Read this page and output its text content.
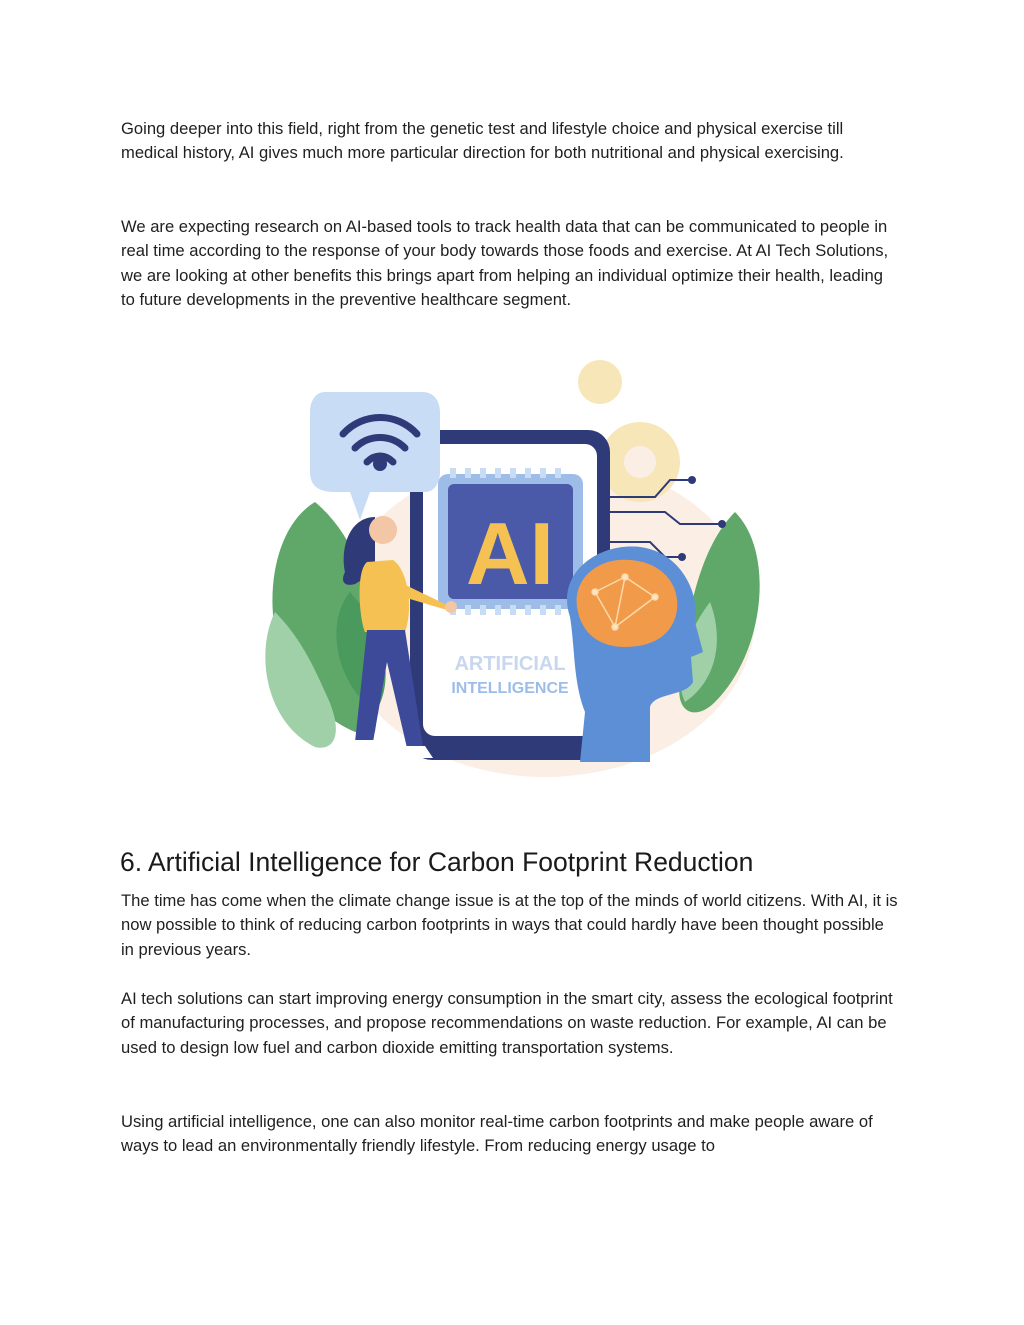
Going deeper into this field, right from the genetic test and lifestyle choice and physical exercise till medical history, AI gives much more particular direction for both nutritional and physical exercising.

We are expecting research on AI-based tools to track health data that can be communicated to people in real time according to the response of your body towards those foods and exercise. At AI Tech Solutions, we are looking at other benefits this brings apart from helping an individual optimize their health, leading to future developments in the preventive healthcare segment.

AI
ARTIFICIAL
INTELLIGENCE
6. Artificial Intelligence for Carbon Footprint Reduction

The time has come when the climate change issue is at the top of the minds of world citizens. With AI, it is now possible to think of reducing carbon footprints in ways that could hardly have been thought possible in previous years.

AI tech solutions can start improving energy consumption in the smart city, assess the ecological footprint of manufacturing processes, and propose recommendations on waste reduction. For example, AI can be used to design low fuel and carbon dioxide emitting transportation systems.

Using artificial intelligence, one can also monitor real-time carbon footprints and make people aware of ways to lead an environmentally friendly lifestyle. From reducing energy usage to
